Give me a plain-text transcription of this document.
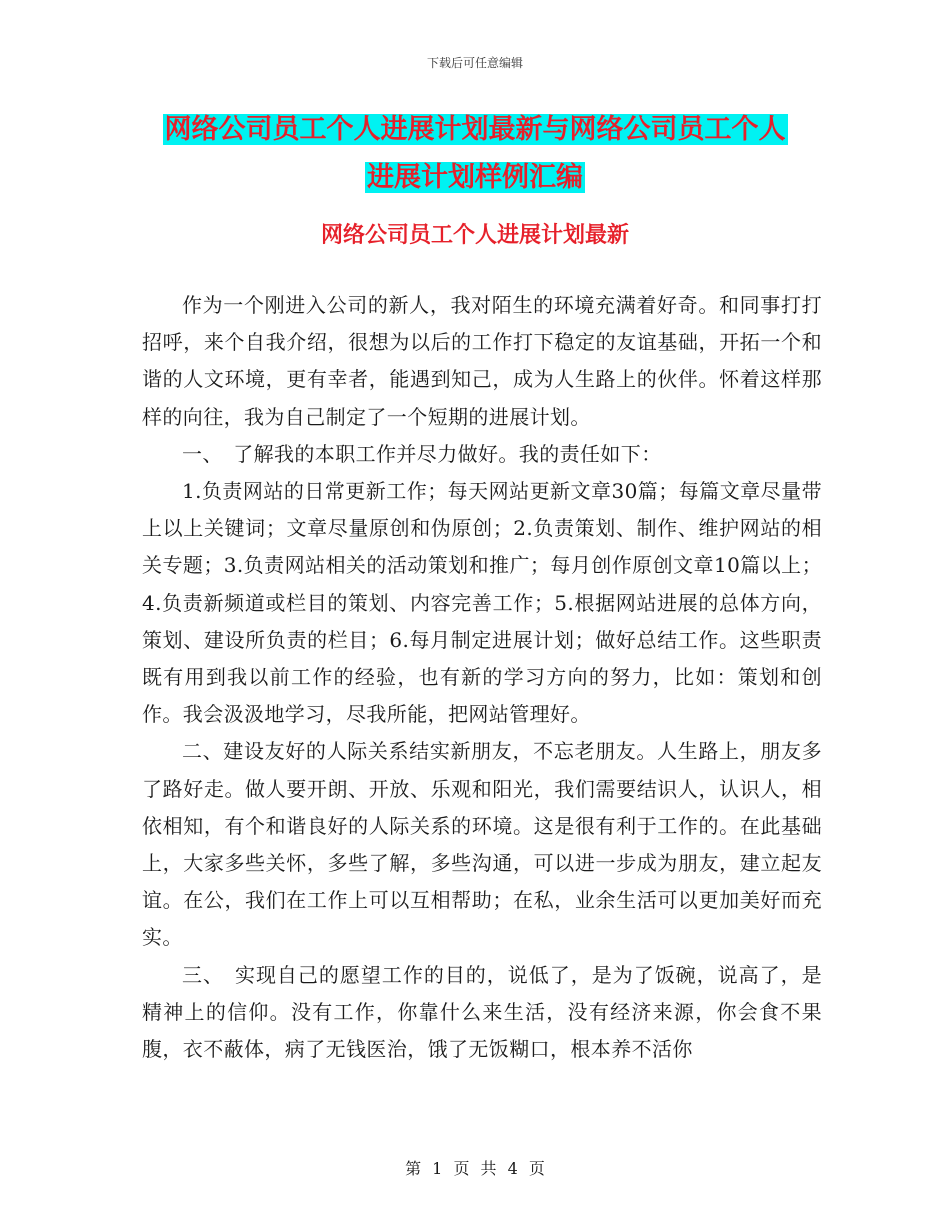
下载后可任意编辑
网络公司员工个人进展计划最新与网络公司员工个人
进展计划样例汇编
网络公司员工个人进展计划最新

作为一个刚进入公司的新人，我对陌生的环境充满着好奇。和同事打打招呼，来个自我介绍，很想为以后的工作打下稳定的友谊基础，开拓一个和谐的人文环境，更有幸者，能遇到知己，成为人生路上的伙伴。怀着这样那样的向往，我为自己制定了一个短期的进展计划。

一、　了解我的本职工作并尽力做好。我的责任如下：

1.负责网站的日常更新工作；每天网站更新文章30篇；每篇文章尽量带上以上关键词；文章尽量原创和伪原创；2.负责策划、制作、维护网站的相关专题；3.负责网站相关的活动策划和推广；每月创作原创文章10篇以上；4.负责新频道或栏目的策划、内容完善工作；5.根据网站进展的总体方向，策划、建设所负责的栏目；6.每月制定进展计划；做好总结工作。这些职责既有用到我以前工作的经验，也有新的学习方向的努力，比如：策划和创作。我会汲汲地学习，尽我所能，把网站管理好。

二、建设友好的人际关系结实新朋友，不忘老朋友。人生路上，朋友多了路好走。做人要开朗、开放、乐观和阳光，我们需要结识人，认识人，相依相知，有个和谐良好的人际关系的环境。这是很有利于工作的。在此基础上，大家多些关怀，多些了解，多些沟通，可以进一步成为朋友，建立起友谊。在公，我们在工作上可以互相帮助；在私，业余生活可以更加美好而充实。

三、　实现自己的愿望工作的目的，说低了，是为了饭碗，说高了，是精神上的信仰。没有工作，你靠什么来生活，没有经济来源，你会食不果腹，衣不蔽体，病了无钱医治，饿了无饭糊口，根本养不活你

第 1 页 共 4 页
